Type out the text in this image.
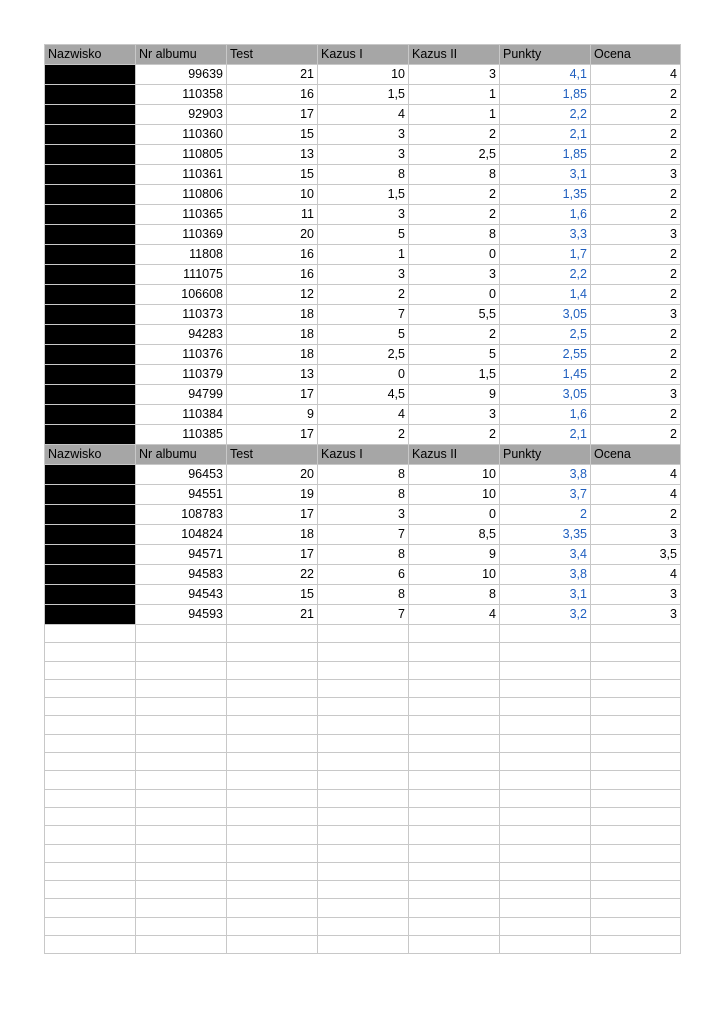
Nazwisko	Nr albumu	Test	Kazus I	Kazus II	Punkty	Ocena
	99639	21	10	3	4,1	4
	110358	16	1,5	1	1,85	2
	92903	17	4	1	2,2	2
	110360	15	3	2	2,1	2
	110805	13	3	2,5	1,85	2
	110361	15	8	8	3,1	3
	110806	10	1,5	2	1,35	2
	110365	11	3	2	1,6	2
	110369	20	5	8	3,3	3
	11808	16	1	0	1,7	2
	111075	16	3	3	2,2	2
	106608	12	2	0	1,4	2
	110373	18	7	5,5	3,05	3
	94283	18	5	2	2,5	2
	110376	18	2,5	5	2,55	2
	110379	13	0	1,5	1,45	2
	94799	17	4,5	9	3,05	3
	110384	9	4	3	1,6	2
	110385	17	2	2	2,1	2
Nazwisko	Nr albumu	Test	Kazus I	Kazus II	Punkty	Ocena
	96453	20	8	10	3,8	4
	94551	19	8	10	3,7	4
	108783	17	3	0	2	2
	104824	18	7	8,5	3,35	3
	94571	17	8	9	3,4	3,5
	94583	22	6	10	3,8	4
	94543	15	8	8	3,1	3
	94593	21	7	4	3,2	3
